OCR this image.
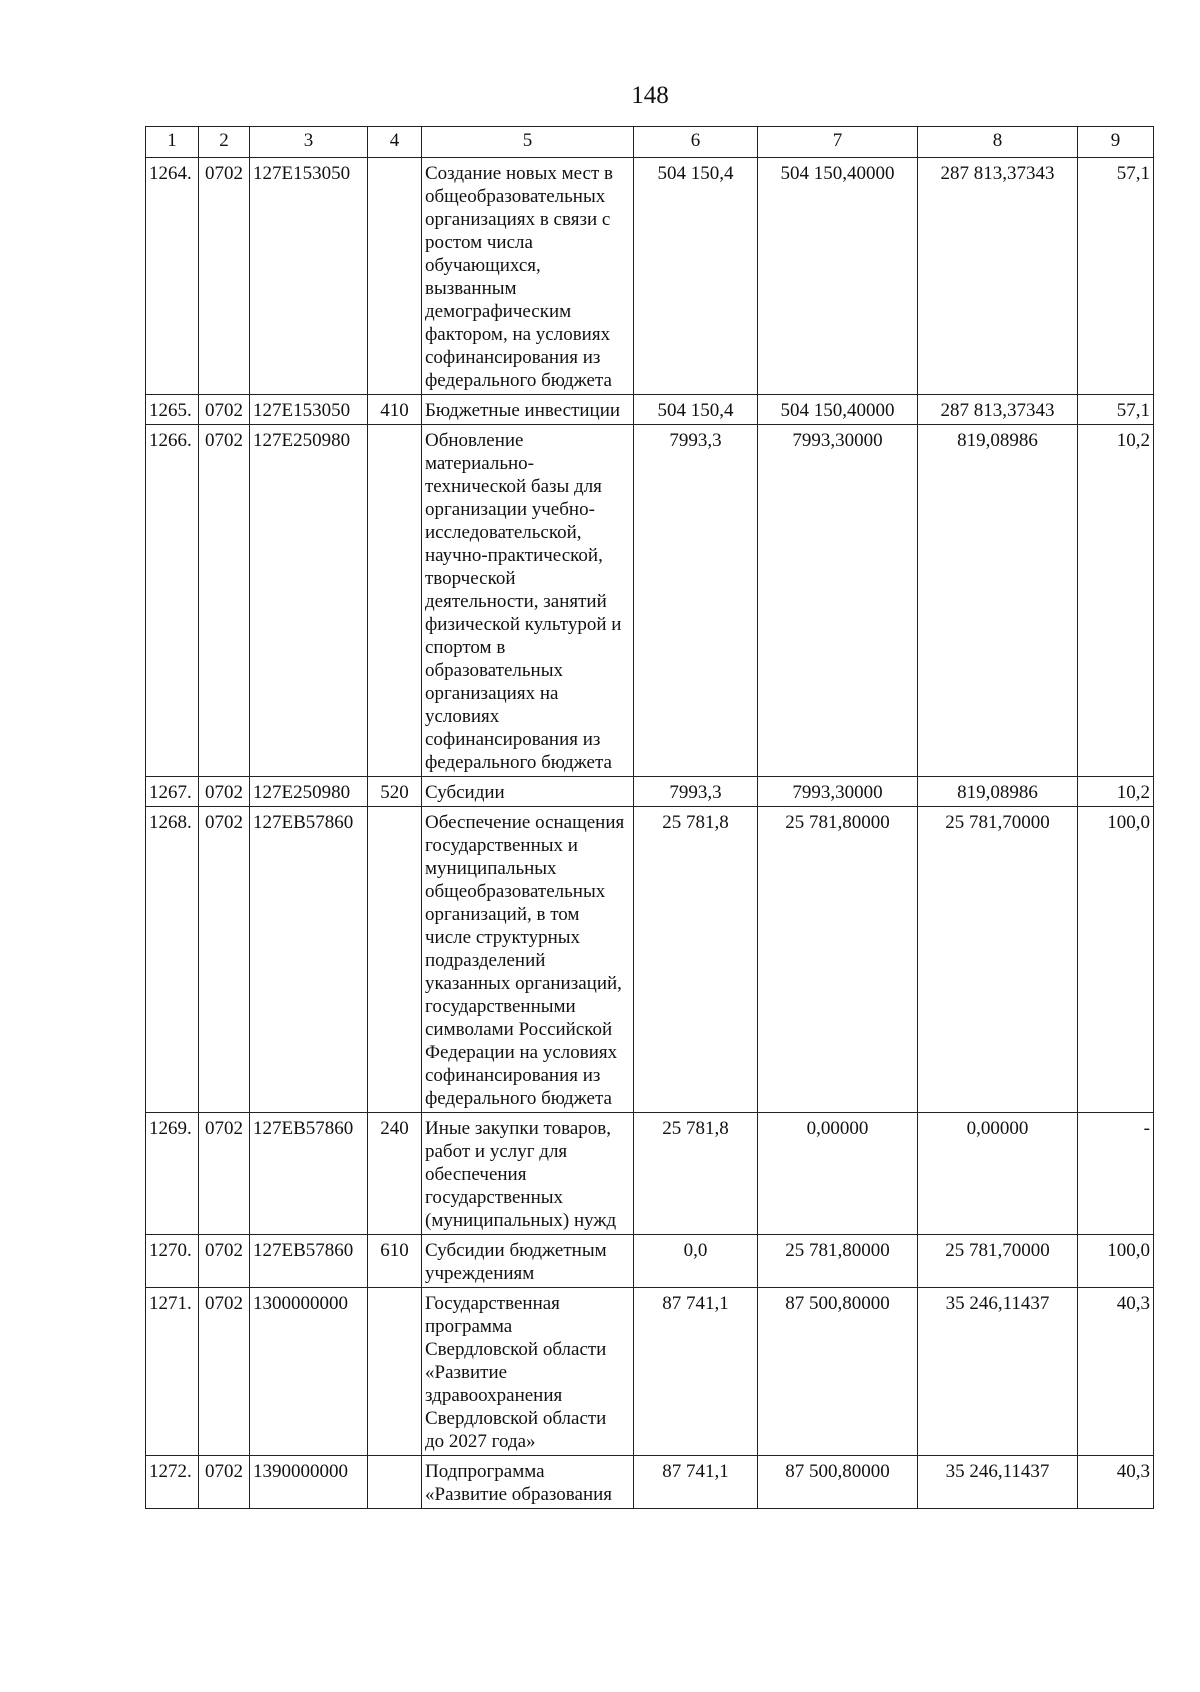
148
1	2	3	4	5	6	7	8	9
1264.	0702	127E153050		Создание новых мест в общеобразовательных организациях в связи с ростом числа обучающихся, вызванным демографическим фактором, на условиях софинансирования из федерального бюджета	504 150,4	504 150,40000	287 813,37343	57,1
1265.	0702	127E153050	410	Бюджетные инвестиции	504 150,4	504 150,40000	287 813,37343	57,1
1266.	0702	127E250980		Обновление материально-технической базы для организации учебно-исследовательской, научно-практической, творческой деятельности, занятий физической культурой и спортом в образовательных организациях на условиях софинансирования из федерального бюджета	7993,3	7993,30000	819,08986	10,2
1267.	0702	127E250980	520	Субсидии	7993,3	7993,30000	819,08986	10,2
1268.	0702	127EB57860		Обеспечение оснащения государственных и муниципальных общеобразовательных организаций, в том числе структурных подразделений указанных организаций, государственными символами Российской Федерации на условиях софинансирования из федерального бюджета	25 781,8	25 781,80000	25 781,70000	100,0
1269.	0702	127EB57860	240	Иные закупки товаров, работ и услуг для обеспечения государственных (муниципальных) нужд	25 781,8	0,00000	0,00000	-
1270.	0702	127EB57860	610	Субсидии бюджетным учреждениям	0,0	25 781,80000	25 781,70000	100,0
1271.	0702	1300000000		Государственная программа Свердловской области «Развитие здравоохранения Свердловской области до 2027 года»	87 741,1	87 500,80000	35 246,11437	40,3
1272.	0702	1390000000		Подпрограмма «Развитие образования	87 741,1	87 500,80000	35 246,11437	40,3
